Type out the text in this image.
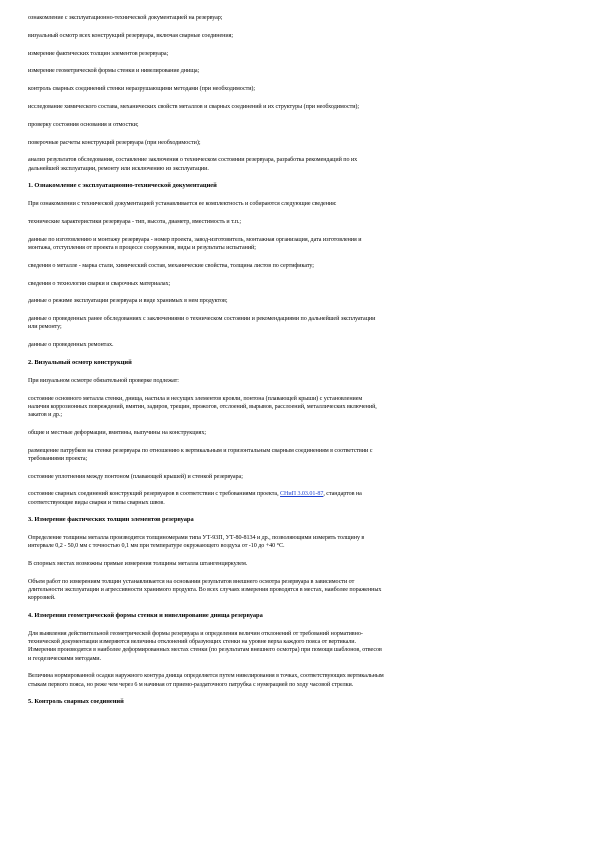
ознакомление с эксплуатационно-технической документацией на резервуар;
визуальный осмотр всех конструкций резервуара, включая сварные соединения;
измерение фактических толщин элементов резервуара;
измерение геометрической формы стенки и нивелирование днища;
контроль сварных соединений стенки неразрушающими методами (при необходимости);
исследование химического состава, механических свойств металлов и сварных соединений и их структуры (при необходимости);
проверку состояния основания и отмостки;
поверочные расчеты конструкций резервуара (при необходимости);
анализ результатов обследования, составление заключения о техническом состоянии резервуара, разработка рекомендаций по их
дальнейшей эксплуатации, ремонту или исключению из эксплуатации.
1. Ознакомление с эксплуатационно-технической документацией
При ознакомлении с технической документацией устанавливается ее комплектность и собираются следующие сведения:
технические характеристики резервуара - тип, высота, диаметр, вместимость и т.п.;
данные по изготовлению и монтажу резервуара - номер проекта, завод-изготовитель, монтажная организация, дата изготовления и
монтажа, отступления от проекта в процессе сооружения, виды и результаты испытаний;
сведения о металле - марка стали, химический состав, механические свойства, толщина листов по сертификату;
сведения о технологии сварки и сварочных материалах;
данные о режиме эксплуатации резервуара и виде хранимых в нем продуктов;
данные о проведенных ранее обследованиях с заключениями о техническом состоянии и рекомендациями по дальнейшей эксплуатации
или ремонту;
данные о проведенных ремонтах.
2. Визуальный осмотр конструкций
При визуальном осмотре обязательной проверке подлежат:
состояние основного металла стенки, днища, настила и несущих элементов кровли, понтона (плавающей крыши) с установлением
наличия коррозионных повреждений, вмятин, задиров, трещин, прожогов, отслоений, вырывов, расслоений, металлических включений,
закатов и др.;
общие и местные деформации, вмятины, выпучины на конструкциях;
размещение патрубков на стенке резервуара по отношению к вертикальным и горизонтальным сварным соединениям в соответствии с
требованиями проекта;
состояние уплотнения между понтоном (плавающей крышей) и стенкой резервуара;
состояние сварных соединений конструкций резервуаров в соответствии с требованиями проекта, СНиП 3.03.01-87, стандартов на
соответствующие виды сварки и типы сварных швов.
3. Измерение фактических толщин элементов резервуара
Определение толщины металла производится толщиномерами типа УТ-93П, УТ-80-8134 и др., позволяющими измерять толщину в
интервале 0,2 - 50,0 мм с точностью 0,1 мм при температуре окружающего воздуха от -10 до +40 °С.
В спорных местах возможны прямые измерения толщины металла штангенциркулем.
Объем работ по измерениям толщин устанавливается на основании результатов внешнего осмотра резервуара в зависимости от
длительности эксплуатации и агрессивности хранимого продукта. Во всех случаях измерения проводятся в местах, наиболее пораженных
коррозией.
4. Измерения геометрической формы стенки и нивелирование днища резервуара
Для выявления действительной геометрической формы резервуара и определения величин отклонений от требований нормативно-
технической документации измеряются величины отклонений образующих стенки на уровне верха каждого пояса от вертикали.
Измерения производятся в наиболее деформированных местах стенки (по результатам внешнего осмотра) при помощи шаблонов, отвесов
и геодезическими методами.
Величина нормированной осадки наружного контура днища определяется путем нивелирования в точках, соответствующих вертикальным
стыкам первого пояса, но реже чем через 6 м начиная от приемо-раздаточного патрубка с нумерацией по ходу часовой стрелки.
5. Контроль сварных соединений
